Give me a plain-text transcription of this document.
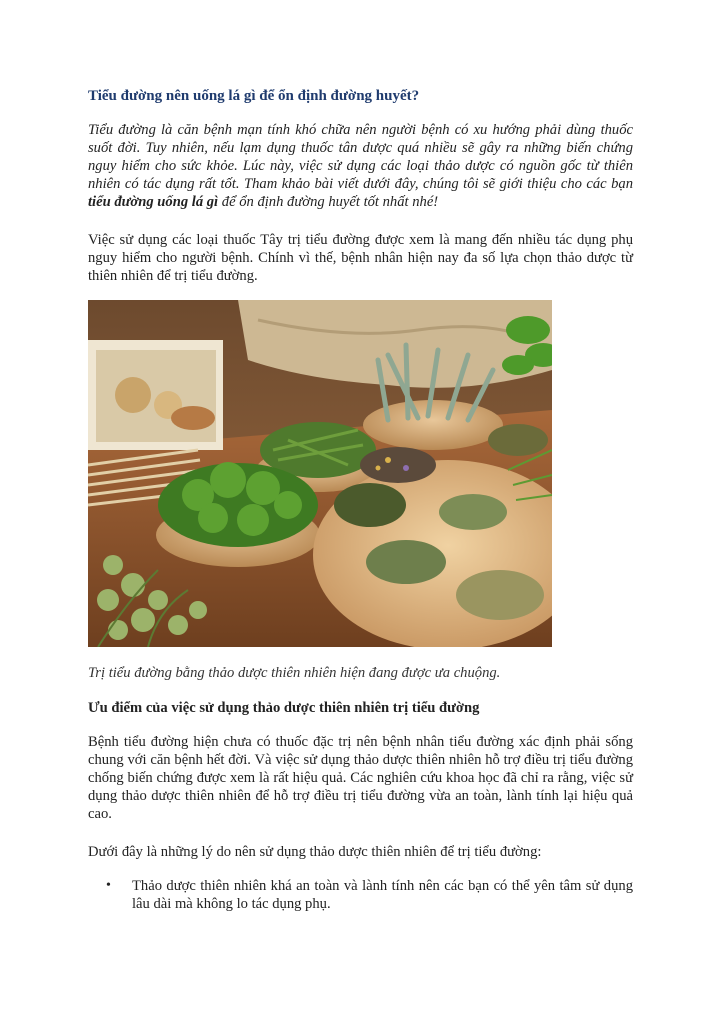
Tiểu đường nên uống lá gì để ổn định đường huyết?
Tiểu đường là căn bệnh mạn tính khó chữa nên người bệnh có xu hướng phải dùng thuốc suốt đời. Tuy nhiên, nếu lạm dụng thuốc tân dược quá nhiều sẽ gây ra những biến chứng nguy hiểm cho sức khỏe. Lúc này, việc sử dụng các loại thảo dược có nguồn gốc từ thiên nhiên có tác dụng rất tốt. Tham khảo bài viết dưới đây, chúng tôi sẽ giới thiệu cho các bạn tiểu đường uống lá gì để ổn định đường huyết tốt nhất nhé!
Việc sử dụng các loại thuốc Tây trị tiểu đường được xem là mang đến nhiều tác dụng phụ nguy hiểm cho người bệnh. Chính vì thế, bệnh nhân hiện nay đa số lựa chọn thảo dược từ thiên nhiên để trị tiểu đường.
Trị tiểu đường bằng thảo dược thiên nhiên hiện đang được ưa chuộng.
Ưu điểm của việc sử dụng thảo dược thiên nhiên trị tiểu đường
Bệnh tiểu đường hiện chưa có thuốc đặc trị nên bệnh nhân tiểu đường xác định phải sống chung với căn bệnh hết đời. Và việc sử dụng thảo dược thiên nhiên hỗ trợ điều trị tiểu đường chống biến chứng được xem là rất hiệu quả. Các nghiên cứu khoa học đã chỉ ra rằng, việc sử dụng thảo dược thiên nhiên để hỗ trợ điều trị tiểu đường vừa an toàn, lành tính lại hiệu quả cao.
Dưới đây là những lý do nên sử dụng thảo dược thiên nhiên để trị tiểu đường:
•	Thảo dược thiên nhiên khá an toàn và lành tính nên các bạn có thể yên tâm sử dụng lâu dài mà không lo tác dụng phụ.
